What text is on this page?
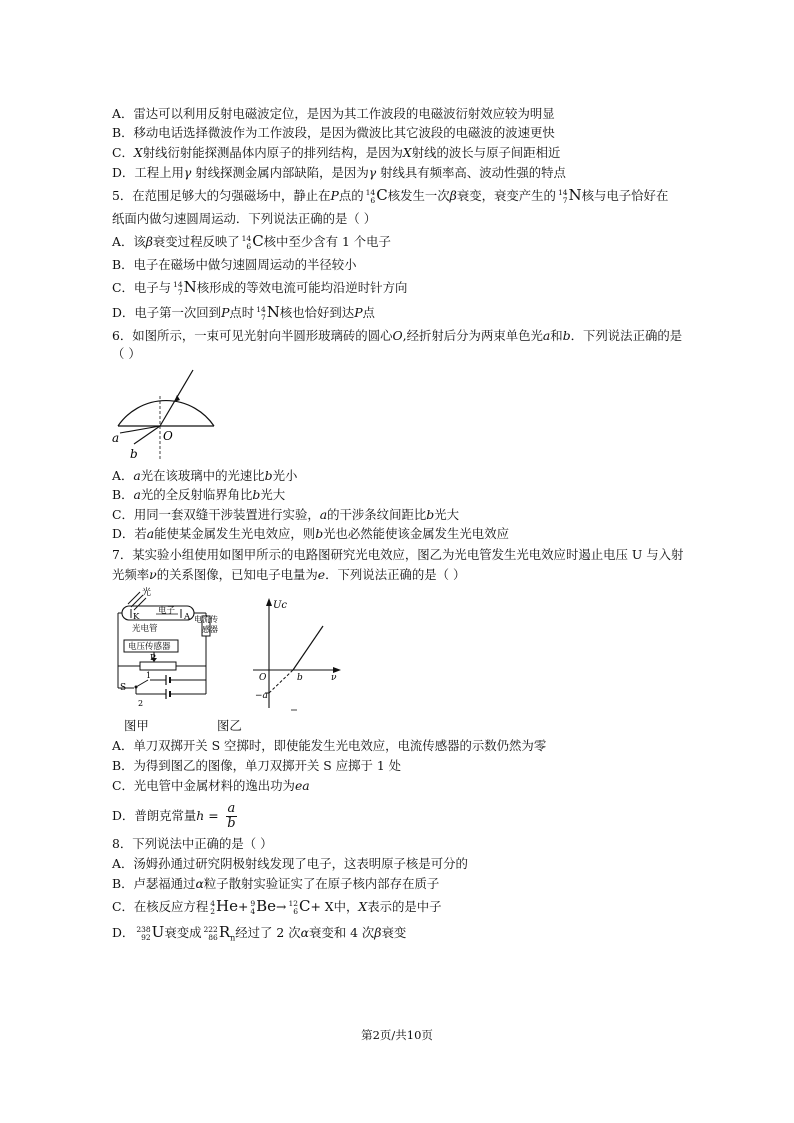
A．雷达可以利用反射电磁波定位，是因为其工作波段的电磁波衍射效应较为明显
B．移动电话选择微波作为工作波段，是因为微波比其它波段的电磁波的波速更快
C．X射线衍射能探测晶体内原子的排列结构，是因为X射线的波长与原子间距相近
D．工程上用γ 射线探测金属内部缺陷，是因为γ 射线具有频率高、波动性强的特点
5．在范围足够大的匀强磁场中，静止在P点的 14
6 C核发生一次β衰变，衰变产生的 14
7 N核与电子恰好在
纸面内做匀速圆周运动．下列说法正确的是（ ）
A．该β衰变过程反映了 14
6 C核中至少含有 1 个电子
B．电子在磁场中做匀速圆周运动的半径较小
C．电子与 14
7 N核形成的等效电流可能均沿逆时针方向
D．电子第一次回到P点时 14
7 N核也恰好到达P点
6．如图所示，一束可见光射向半圆形玻璃砖的圆心O,经折射后分为两束单色光a和b．下列说法正确的是
（ ）
a
b
O
A．a光在该玻璃中的光速比b光小
B．a光的全反射临界角比b光大
C．用同一套双缝干涉装置进行实验，a的干涉条纹间距比b光大
D．若a能使某金属发生光电效应，则b光也必然能使该金属发生光电效应
7．某实验小组使用如图甲所示的电路图研究光电效应，图乙为光电管发生光电效应时遏止电压 U 与入射
光频率ν的关系图像，已知电子电量为e．下列说法正确的是（ ）
光
电子
K	A 电流传
感器
光电管
电压传感器
S
1
2
Uc
O	b	ν
−a
图甲	图乙
A．单刀双掷开关 S 空掷时，即使能发生光电效应，电流传感器的示数仍然为零
B．为得到图乙的图像，单刀双掷开关 S 应掷于 1 处
C．光电管中金属材料的逸出功为ea
D．普朗克常量$h = \frac{a}{b}$
8．下列说法中正确的是（ ）
A．汤姆孙通过研究阴极射线发现了电子，这表明原子核是可分的
B．卢瑟福通过α粒子散射实验证实了在原子核内部存在质子
C．在核反应方程 4
2 He+ 9
4 Be→ 12
6 C+ X中，X表示的是中子
D． 238
92 U衰变成 222
86 $R_n$经过了 2 次α衰变和 4 次β衰变
第2页/共10页
